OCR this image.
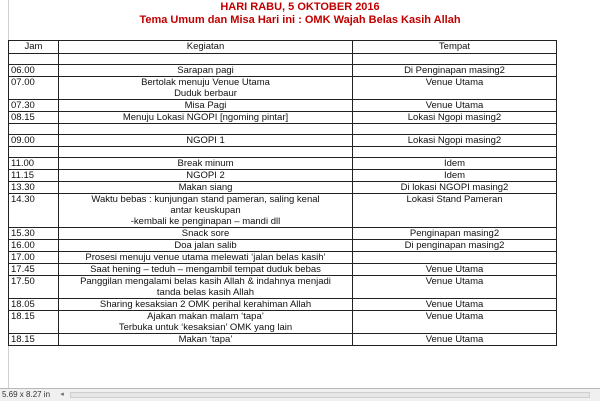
HARI RABU, 5 OKTOBER 2016
Tema Umum dan Misa Hari ini : OMK Wajah Belas Kasih Allah
Jam	Kegiatan	Tempat

06.00	Sarapan pagi	Di Penginapan masing2

07.00	Bertolak menuju Venue Utama
Duduk berbaur	Venue Utama

07.30	Misa Pagi	Venue Utama

08.15	Menuju Lokasi NGOPI [ngoming pintar]	Lokasi Ngopi masing2

09.00	NGOPI 1	Lokasi Ngopi masing2

11.00	Break minum	Idem

11.15	NGOPI 2	Idem

13.30	Makan siang	Di lokasi NGOPI masing2

14.30	Waktu bebas : kunjungan stand pameran, saling kenal
antar keuskupan
-kembali ke penginapan – mandi dll	Lokasi Stand Pameran

15.30	Snack sore	Penginapan masing2

16.00	Doa jalan salib	Di penginapan masing2

17.00	Prosesi menuju venue utama melewati ‘jalan belas kasih’	

17.45	Saat hening – teduh – mengambil tempat duduk bebas	Venue Utama

17.50	Panggilan mengalami belas kasih Allah & indahnya menjadi
tanda belas kasih Allah	Venue Utama

18.05	Sharing kesaksian 2 OMK perihal kerahiman Allah	Venue Utama

18.15	Ajakan makan malam ‘tapa’
Terbuka untuk ‘kesaksian’ OMK yang lain	Venue Utama

18.15	Makan ‘tapa’	Venue Utama
5.69 x 8.27 in	◂
